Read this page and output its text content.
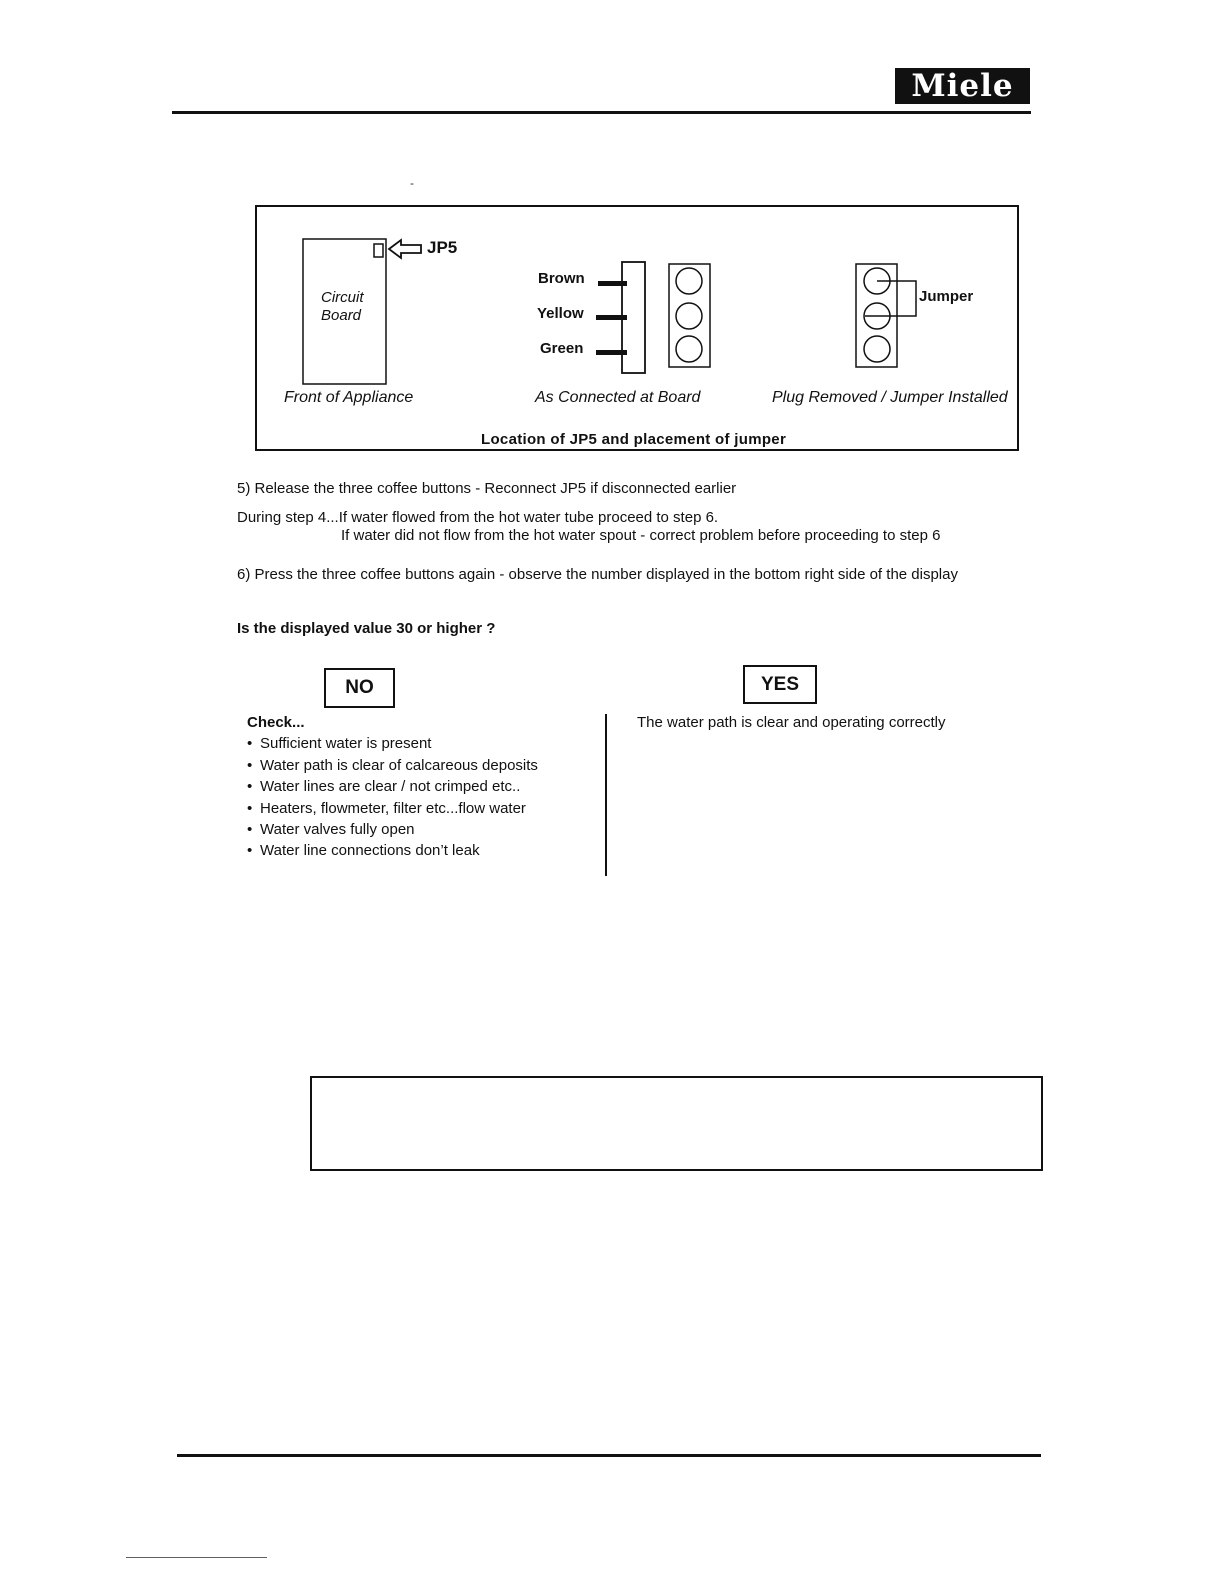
Miele
-
JP5
Circuit
Board
Front of Appliance
Brown
Yellow
Green
As Connected at Board
Jumper
Plug Removed / Jumper Installed
Location of JP5 and placement of jumper
5) Release the three coffee buttons - Reconnect JP5 if disconnected earlier
During step 4...If water flowed from the hot water tube proceed to step 6.
If water did not flow from the hot water spout - correct problem before proceeding to step 6
6) Press the three coffee buttons again - observe the number displayed in the bottom right side of the display
Is the displayed value 30 or higher ?
NO	YES
Check...
• Sufficient water is present
• Water path is clear of calcareous deposits
• Water lines are clear / not crimped etc..
• Heaters, flowmeter, filter etc...flow water
• Water valves fully open
• Water line connections don’t leak
The water path is clear and operating correctly
